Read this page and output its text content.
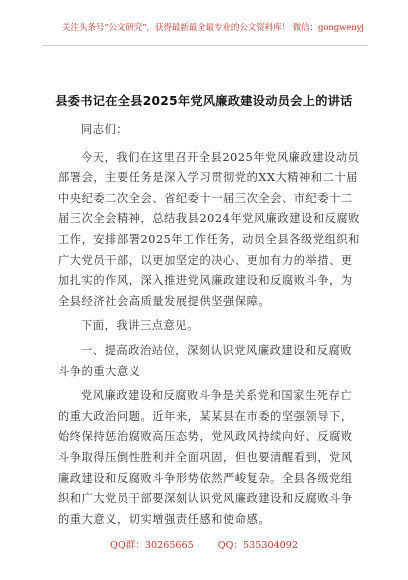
关注头条号“公文研究”，获得最新最全最专业的公文资料库！ 微信：gongwenyj
县委书记在全县2025年党风廉政建设动员会上的讲话
同志们：
今天，我们在这里召开全县2025年党风廉政建设动员
部署会，主要任务是深入学习贯彻党的XX大精神和二十届
中央纪委二次全会、省纪委十一届三次全会、市纪委十二
届三次全会精神，总结我县2024年党风廉政建设和反腐败
工作，安排部署2025年工作任务，动员全县各级党组织和
广大党员干部，以更加坚定的决心、更加有力的举措、更
加扎实的作风，深入推进党风廉政建设和反腐败斗争，为
全县经济社会高质量发展提供坚强保障。
下面，我讲三点意见。
一、提高政治站位，深刻认识党风廉政建设和反腐败
斗争的重大意义
党风廉政建设和反腐败斗争是关系党和国家生死存亡
的重大政治问题。近年来，某某县在市委的坚强领导下，
始终保持惩治腐败高压态势，党风政风持续向好、反腐败
斗争取得压倒性胜利并全面巩固，但也要清醒看到，党风
廉政建设和反腐败斗争形势依然严峻复杂。全县各级党组
织和广大党员干部要深刻认识党风廉政建设和反腐败斗争
的重大意义，切实增强责任感和使命感。
QQ群：30265665	QQ：535304092
